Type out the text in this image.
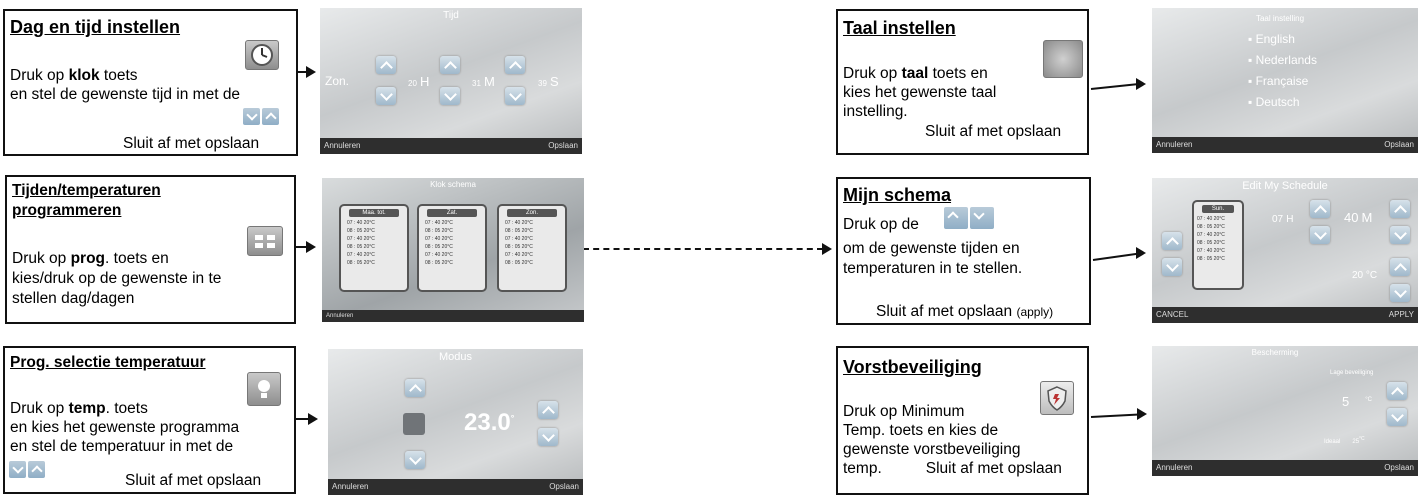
Dag en tijd instellen
Druk op klok toets
en stel de gewenste tijd in met de
Sluit af met opslaan
Tijden/temperaturen
programmeren
Druk op prog. toets en
kies/druk op de gewenste in te
stellen dag/dagen
Prog. selectie temperatuur
Druk op temp. toets
en kies het gewenste programma
en stel de temperatuur in met de
Sluit af met opslaan
Tijd
Zon.	20 H	31 M	39 S
Annuleren	Opslaan
Klok schema
Maa. tot.
07 : 40 20°C
08 : 05 20°C
07 : 40 20°C
08 : 05 20°C
07 : 40 20°C
08 : 05 20°C
Zat.
07 : 40 20°C
08 : 05 20°C
07 : 40 20°C
08 : 05 20°C
07 : 40 20°C
08 : 05 20°C
Zon.
07 : 40 20°C
08 : 05 20°C
07 : 40 20°C
08 : 05 20°C
07 : 40 20°C
08 : 05 20°C
Annuleren
Modus
23.0°
Annuleren	Opslaan
Taal instellen
Druk op taal toets en
kies het gewenste taal
instelling.
Sluit af met opslaan
Mijn schema
Druk op de
om de gewenste tijden en
temperaturen in te stellen.
Sluit af met opslaan (apply)
Vorstbeveiliging
Druk op Minimum
Temp. toets en kies de
gewenste vorstbeveiliging
temp.	Sluit af met opslaan
Taal instelling
▪ English
▪ Nederlands
▪ Française
▪ Deutsch
Annuleren	Opslaan
Edit My Schedule
Sun.
07 : 40 20°C
08 : 05 20°C
07 : 40 20°C
08 : 05 20°C
07 : 40 20°C
08 : 05 20°C
07 H	40 M
20 °C
CANCEL	APPLY
Bescherming
Lage beveiliging
5	$^{^\circ C}$
Ideaal $25^{^\circ C}$
Annuleren	Opslaan
